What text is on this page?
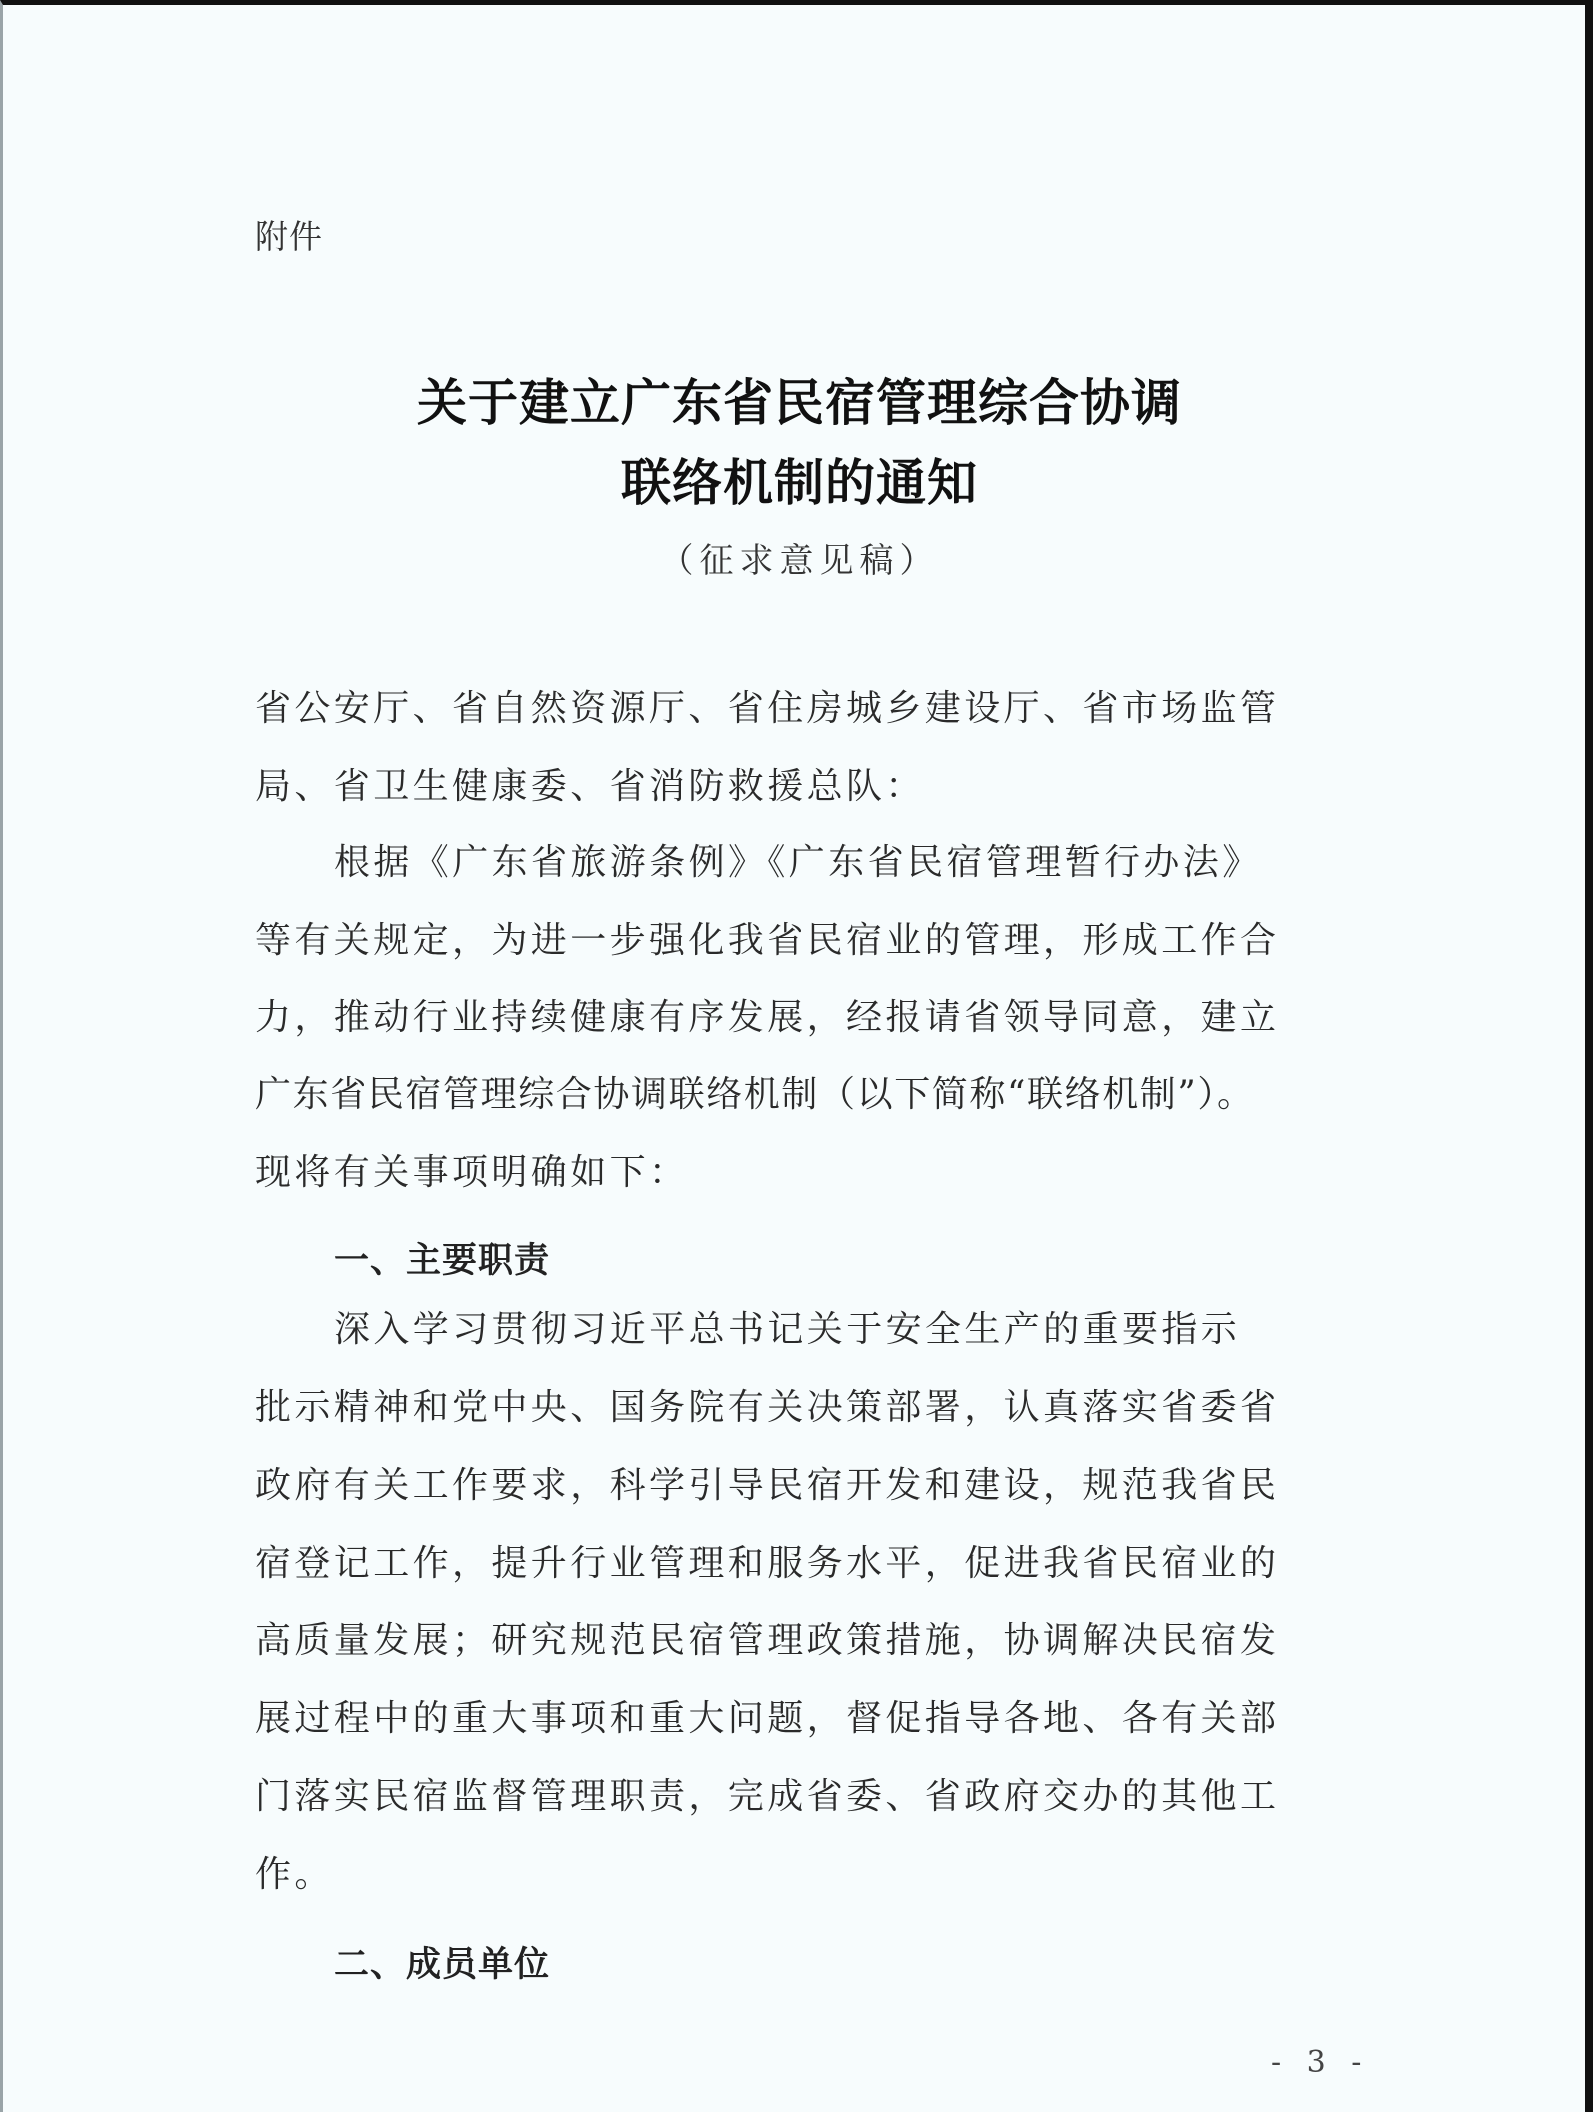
附件
关于建立广东省民宿管理综合协调
联络机制的通知
（征求意见稿）
省公安厅、省自然资源厅、省住房城乡建设厅、省市场监管
局、省卫生健康委、省消防救援总队：
根据《广东省旅游条例》《广东省民宿管理暂行办法》
等有关规定，为进一步强化我省民宿业的管理，形成工作合
力，推动行业持续健康有序发展，经报请省领导同意，建立
广东省民宿管理综合协调联络机制（以下简称“联络机制”）。
现将有关事项明确如下：
一、主要职责
深入学习贯彻习近平总书记关于安全生产的重要指示
批示精神和党中央、国务院有关决策部署，认真落实省委省
政府有关工作要求，科学引导民宿开发和建设，规范我省民
宿登记工作，提升行业管理和服务水平，促进我省民宿业的
高质量发展；研究规范民宿管理政策措施，协调解决民宿发
展过程中的重大事项和重大问题，督促指导各地、各有关部
门落实民宿监督管理职责，完成省委、省政府交办的其他工
作。
二、成员单位
- 3 -
